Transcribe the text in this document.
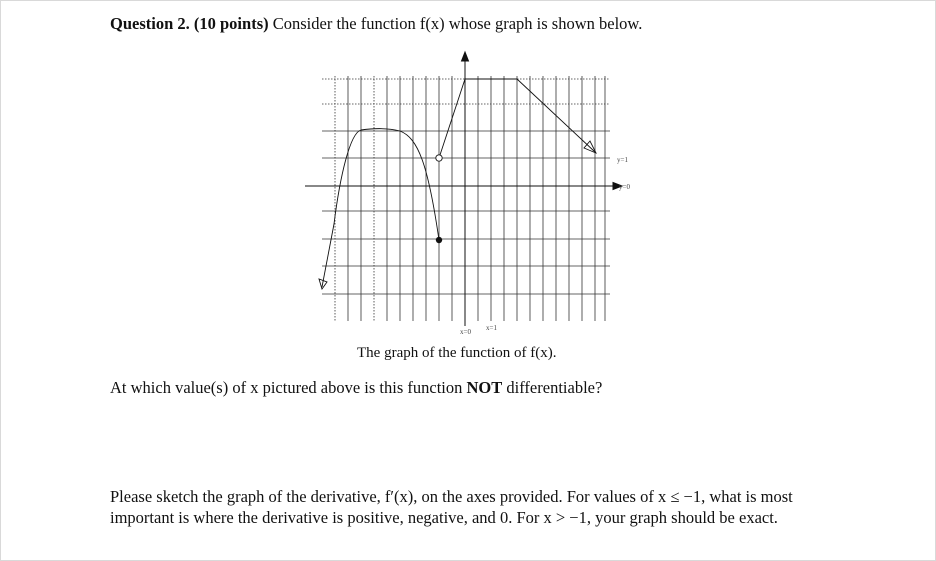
Question 2. (10 points) Consider the function f(x) whose graph is shown below.
x=0 x=1
y=1
y=0
The graph of the function of f(x).
At which value(s) of x pictured above is this function NOT differentiable?
Please sketch the graph of the derivative, f′(x), on the axes provided. For values of x ≤ −1, what is most important is where the derivative is positive, negative, and 0. For x > −1, your graph should be exact.
